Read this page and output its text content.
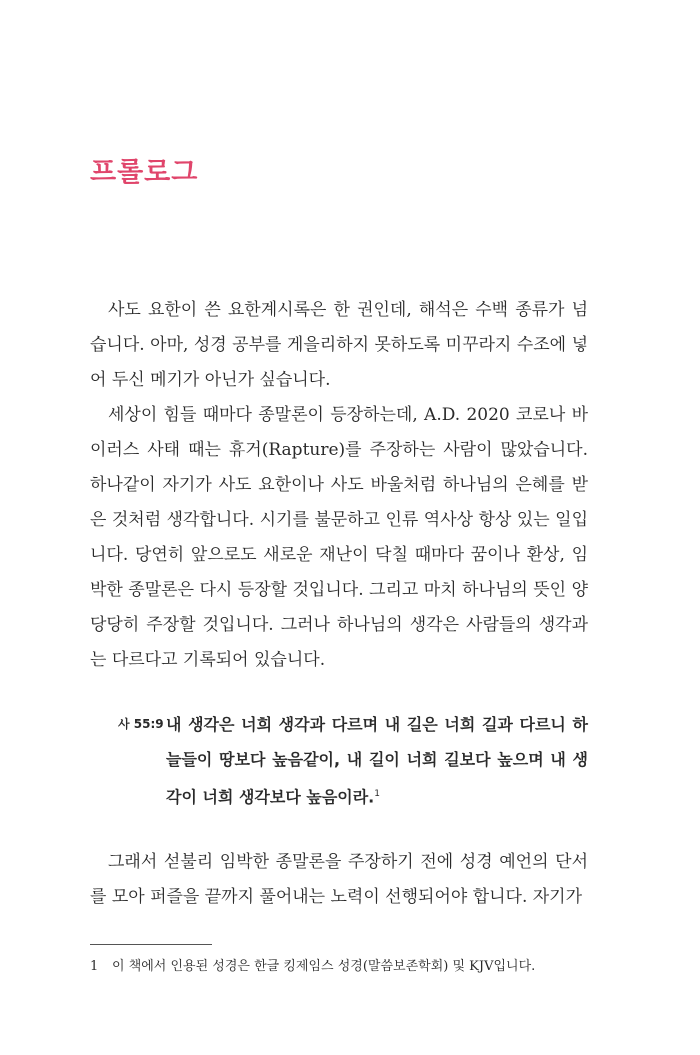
프롤로그

사도 요한이 쓴 요한계시록은 한 권인데, 해석은 수백 종류가 넘습니다. 아마, 성경 공부를 게을리하지 못하도록 미꾸라지 수조에 넣어 두신 메기가 아닌가 싶습니다.

세상이 힘들 때마다 종말론이 등장하는데, A.D. 2020 코로나 바이러스 사태 때는 휴거(Rapture)를 주장하는 사람이 많았습니다. 하나같이 자기가 사도 요한이나 사도 바울처럼 하나님의 은혜를 받은 것처럼 생각합니다. 시기를 불문하고 인류 역사상 항상 있는 일입니다. 당연히 앞으로도 새로운 재난이 닥칠 때마다 꿈이나 환상, 임박한 종말론은 다시 등장할 것입니다. 그리고 마치 하나님의 뜻인 양 당당히 주장할 것입니다. 그러나 하나님의 생각은 사람들의 생각과는 다르다고 기록되어 있습니다.

사 55:9 내 생각은 너희 생각과 다르며 내 길은 너희 길과 다르니 하늘들이 땅보다 높음같이, 내 길이 너희 길보다 높으며 내 생각이 너희 생각보다 높음이라.$^1$

그래서 섣불리 임박한 종말론을 주장하기 전에 성경 예언의 단서를 모아 퍼즐을 끝까지 풀어내는 노력이 선행되어야 합니다. 자기가

1	이 책에서 인용된 성경은 한글 킹제임스 성경(말씀보존학회) 및 KJV입니다.
